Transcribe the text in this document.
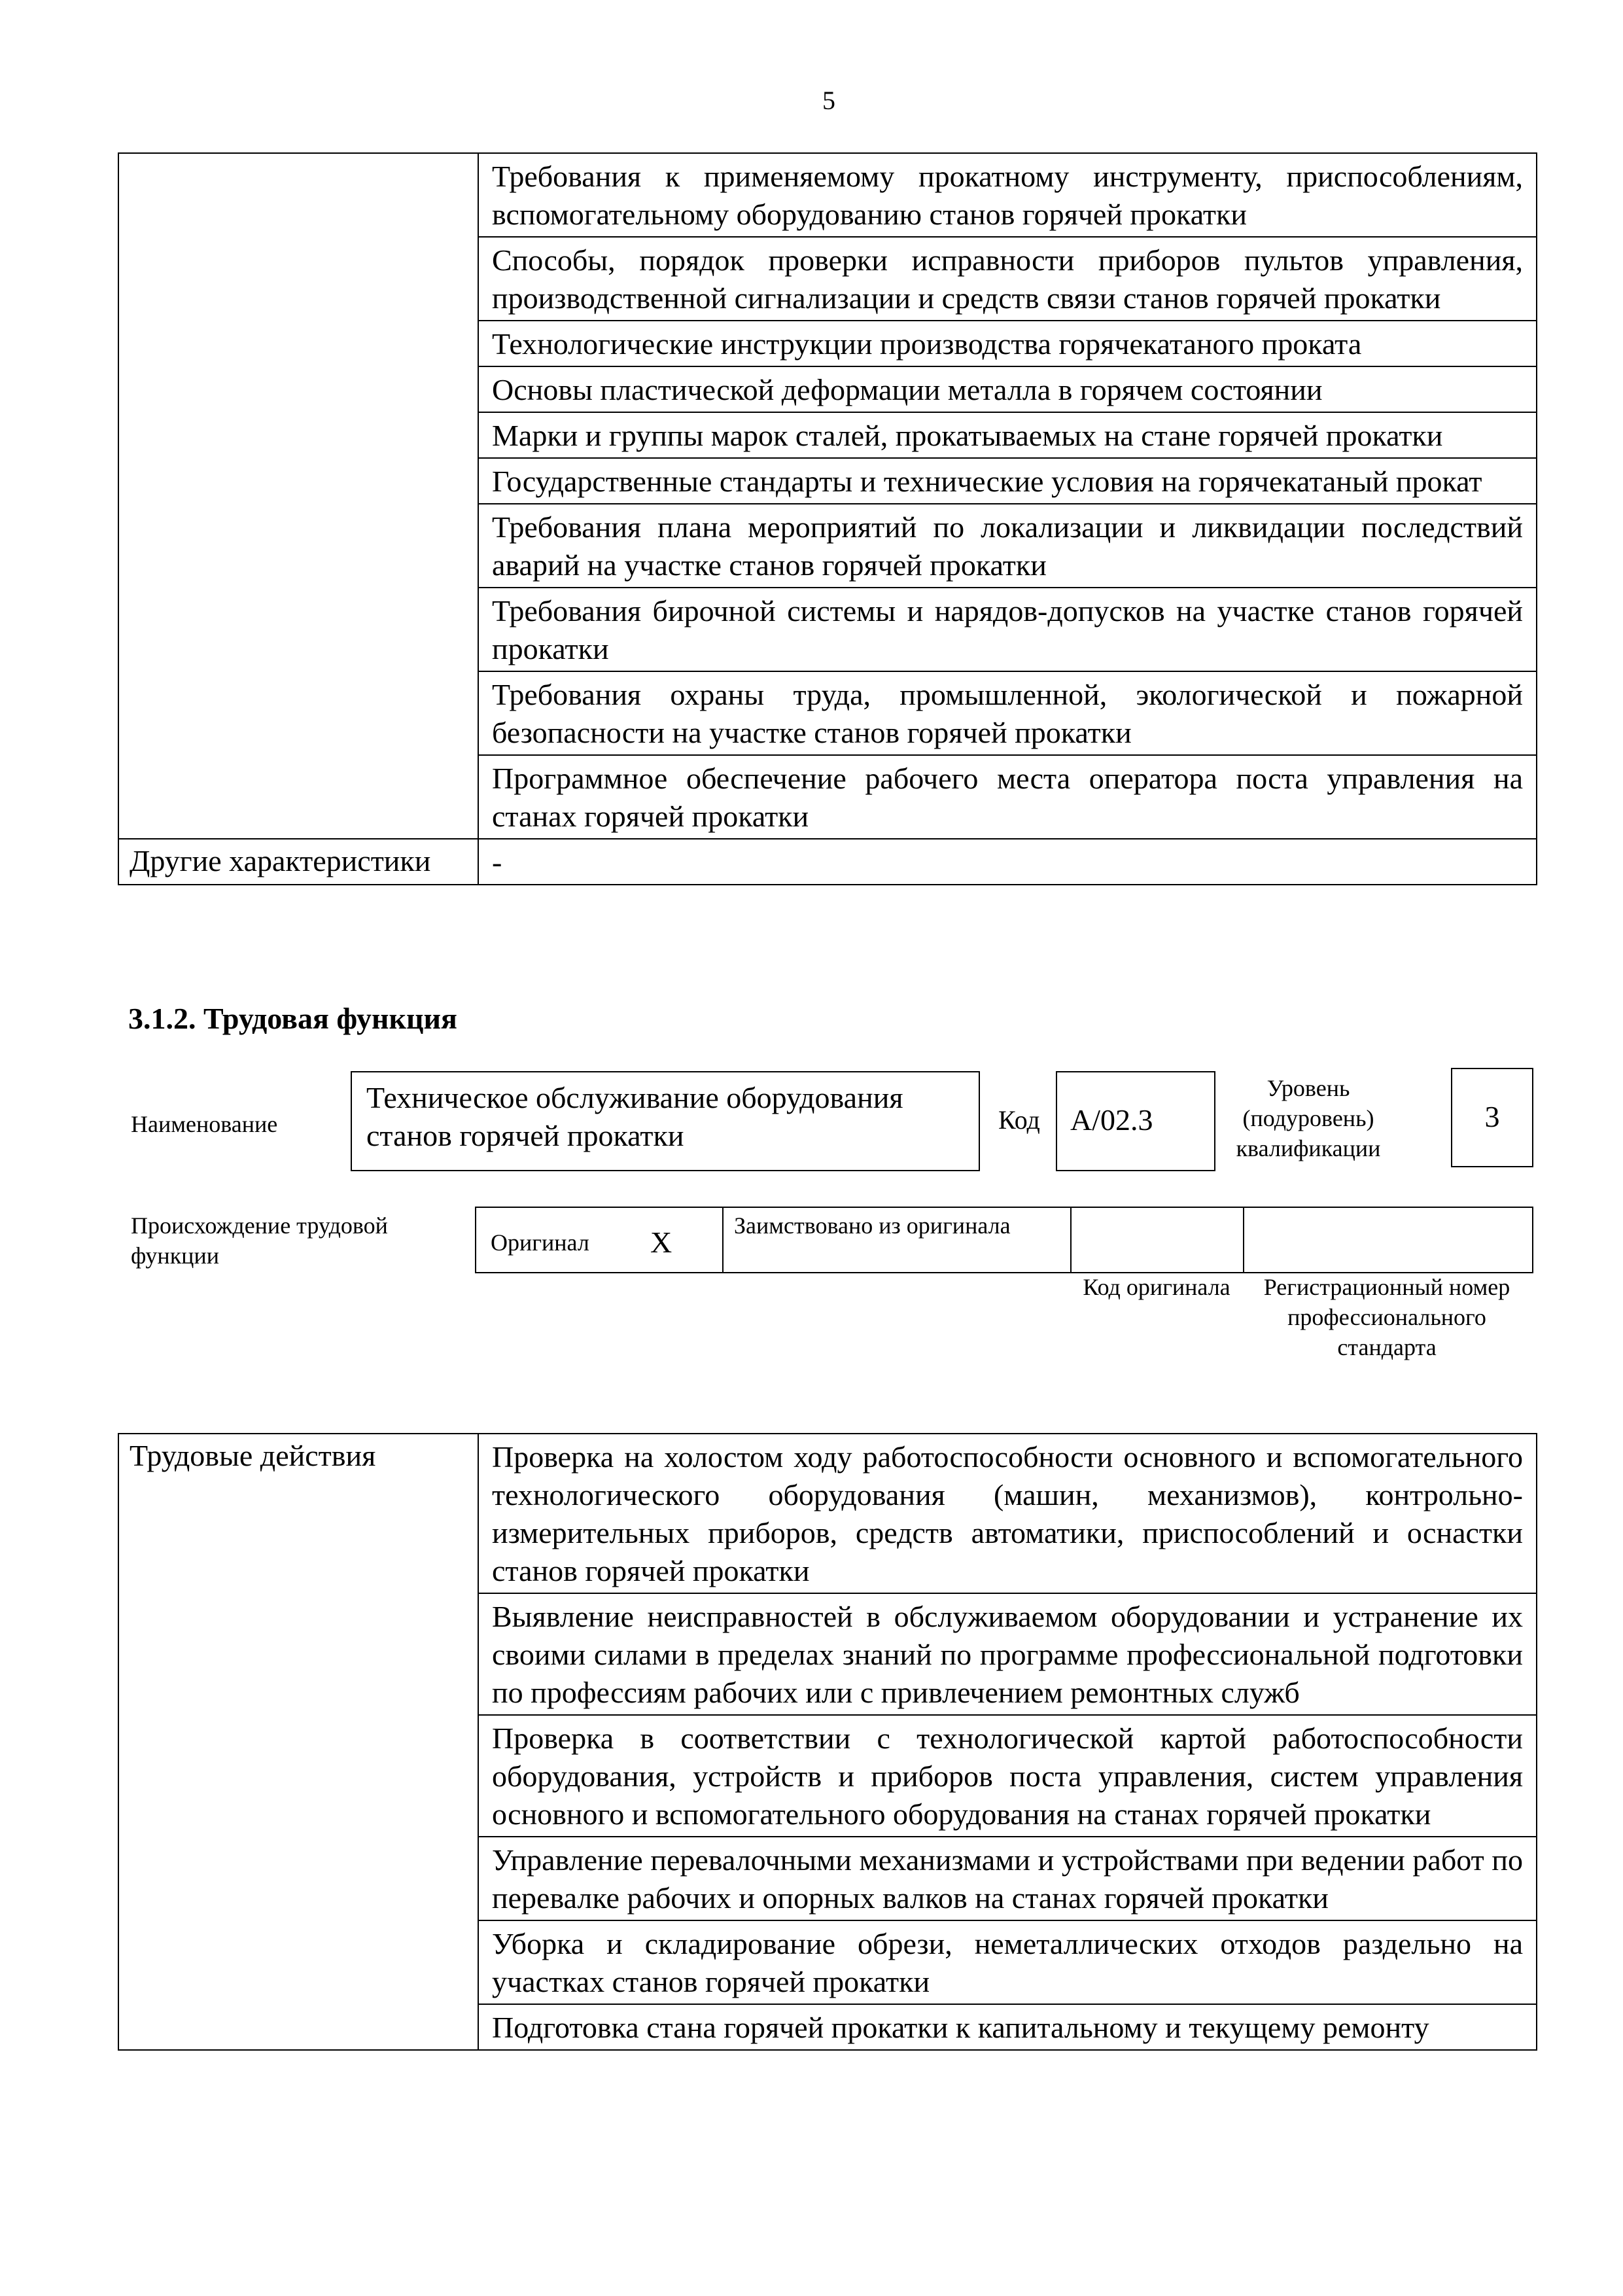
5

	Требования к применяемому прокатному инструменту, приспособлениям, вспомогательному оборудованию станов горячей прокатки

	Способы, порядок проверки исправности приборов пультов управления, производственной сигнализации и средств связи станов горячей прокатки

	Технологические инструкции производства горячекатаного проката

	Основы пластической деформации металла в горячем состоянии

	Марки и группы марок сталей, прокатываемых на стане горячей прокатки

	Государственные стандарты и технические условия на горячекатаный прокат

	Требования плана мероприятий по локализации и ликвидации последствий аварий на участке станов горячей прокатки

	Требования бирочной системы и нарядов-допусков на участке станов горячей прокатки

	Требования охраны труда, промышленной, экологической и пожарной безопасности на участке станов горячей прокатки

	Программное обеспечение рабочего места оператора поста управления на станах горячей прокатки

Другие характеристики	-
3.1.2. Трудовая функция
Наименование
Техническое обслуживание оборудования станов горячей прокатки	Код	A/02.3
Уровень (подуровень) квалификации
3
Происхождение трудовой функции	Оригинал X	Заимствовано из оригинала
Код оригинала	Регистрационный номер профессионального стандарта
Трудовые действия	Проверка на холостом ходу работоспособности основного и вспомогательного технологического оборудования (машин, механизмов), контрольно-измерительных приборов, средств автоматики, приспособлений и оснастки станов горячей прокатки

Выявление неисправностей в обслуживаемом оборудовании и устранение их своими силами в пределах знаний по программе профессиональной подготовки по профессиям рабочих или с привлечением ремонтных служб

Проверка в соответствии с технологической картой работоспособности оборудования, устройств и приборов поста управления, систем управления основного и вспомогательного оборудования на станах горячей прокатки

Управление перевалочными механизмами и устройствами при ведении работ по перевалке рабочих и опорных валков на станах горячей прокатки

Уборка и складирование обрези, неметаллических отходов раздельно на участках станов горячей прокатки

Подготовка стана горячей прокатки к капитальному и текущему ремонту
